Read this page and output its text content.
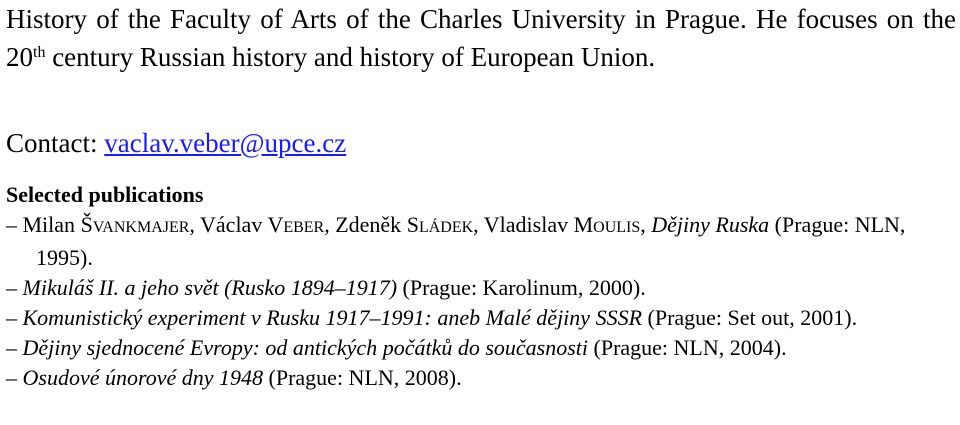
History of the Faculty of Arts of the Charles University in Prague. He focuses on the 20th century Russian history and history of European Union.

Contact: vaclav.veber@upce.cz

Selected publications

– Milan ŠVANKMAJER, Václav VEBER, Zdeněk SLÁDEK, Vladislav MOULIS, Dějiny Ruska (Prague: NLN, 1995).
– Mikuláš II. a jeho svět (Rusko 1894–1917) (Prague: Karolinum, 2000).
– Komunistický experiment v Rusku 1917–1991: aneb Malé dějiny SSSR (Prague: Set out, 2001).
– Dějiny sjednocené Evropy: od antických počátků do současnosti (Prague: NLN, 2004).
– Osudové únorové dny 1948 (Prague: NLN, 2008).
